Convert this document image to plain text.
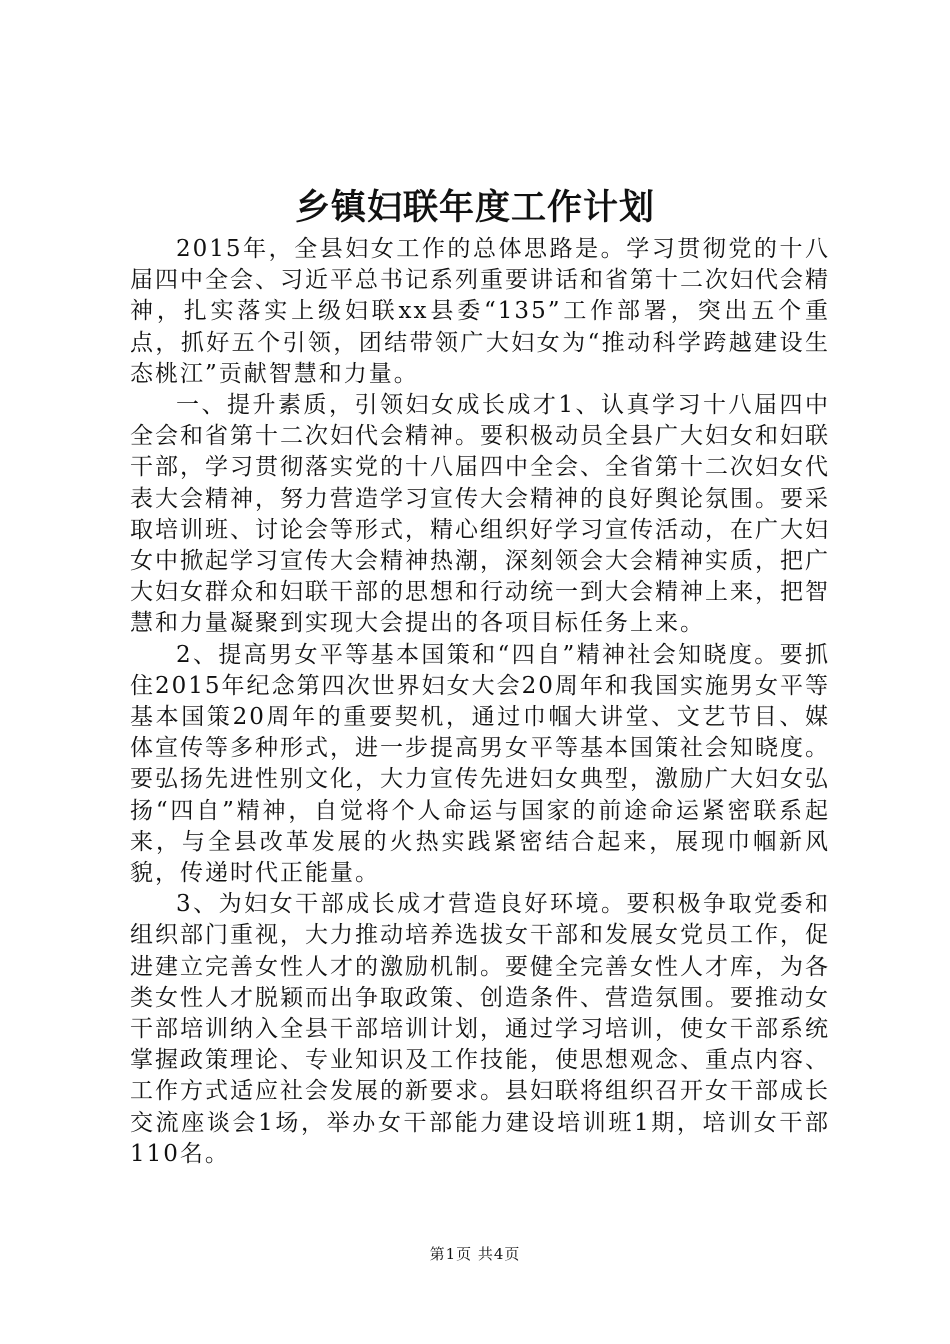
乡镇妇联年度工作计划

2015年，全县妇女工作的总体思路是。学习贯彻党的十八届四中全会、习近平总书记系列重要讲话和省第十二次妇代会精神，扎实落实上级妇联xx县委“135”工作部署，突出五个重点，抓好五个引领，团结带领广大妇女为“推动科学跨越建设生态桃江”贡献智慧和力量。

一、提升素质，引领妇女成长成才1、认真学习十八届四中全会和省第十二次妇代会精神。要积极动员全县广大妇女和妇联干部，学习贯彻落实党的十八届四中全会、全省第十二次妇女代表大会精神，努力营造学习宣传大会精神的良好舆论氛围。要采取培训班、讨论会等形式，精心组织好学习宣传活动，在广大妇女中掀起学习宣传大会精神热潮，深刻领会大会精神实质，把广大妇女群众和妇联干部的思想和行动统一到大会精神上来，把智慧和力量凝聚到实现大会提出的各项目标任务上来。

2、提高男女平等基本国策和“四自”精神社会知晓度。要抓住2015年纪念第四次世界妇女大会20周年和我国实施男女平等基本国策20周年的重要契机，通过巾帼大讲堂、文艺节目、媒体宣传等多种形式，进一步提高男女平等基本国策社会知晓度。要弘扬先进性别文化，大力宣传先进妇女典型，激励广大妇女弘扬“四自”精神，自觉将个人命运与国家的前途命运紧密联系起来，与全县改革发展的火热实践紧密结合起来，展现巾帼新风貌，传递时代正能量。

3、为妇女干部成长成才营造良好环境。要积极争取党委和组织部门重视，大力推动培养选拔女干部和发展女党员工作，促进建立完善女性人才的激励机制。要健全完善女性人才库，为各类女性人才脱颖而出争取政策、创造条件、营造氛围。要推动女干部培训纳入全县干部培训计划，通过学习培训，使女干部系统掌握政策理论、专业知识及工作技能，使思想观念、重点内容、工作方式适应社会发展的新要求。县妇联将组织召开女干部成长交流座谈会1场，举办女干部能力建设培训班1期，培训女干部110名。

第1页 共4页
